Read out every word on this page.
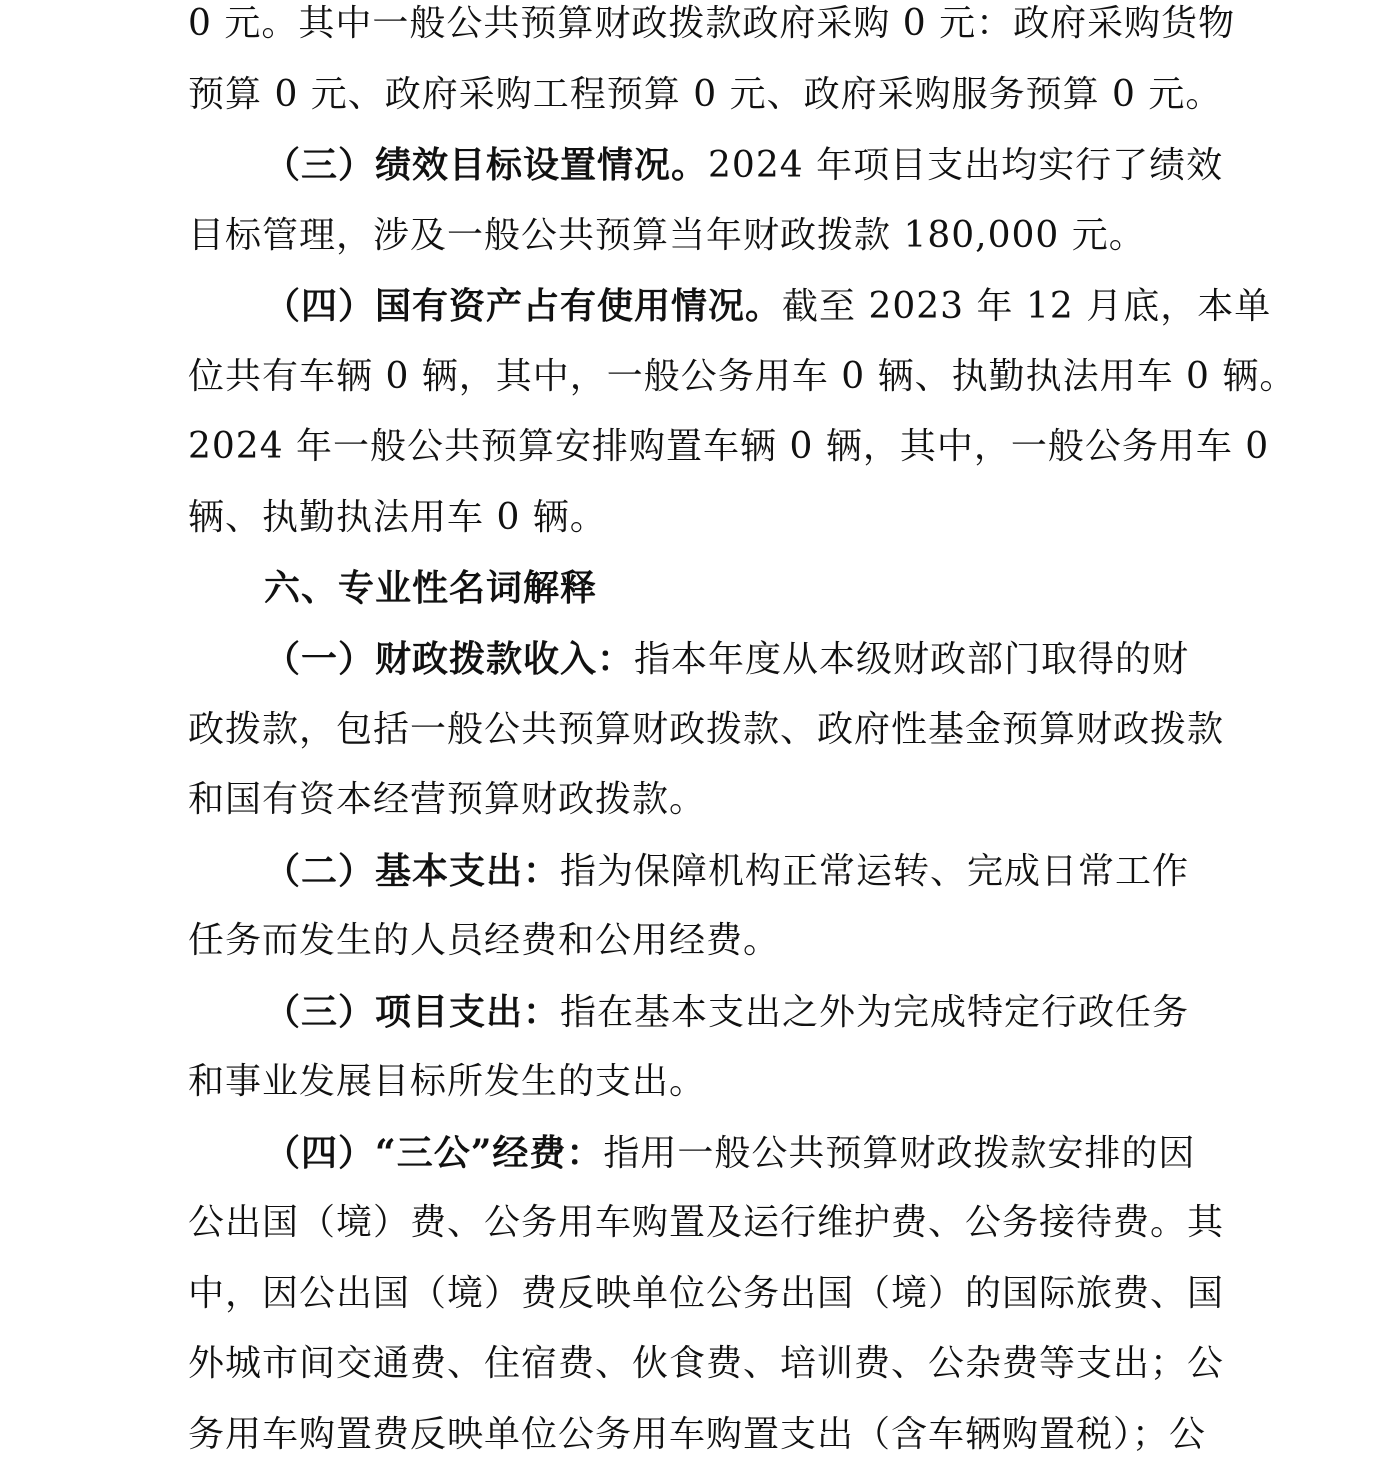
0 元。其中一般公共预算财政拨款政府采购 0 元：政府采购货物
预算 0 元、政府采购工程预算 0 元、政府采购服务预算 0 元。
（三）绩效目标设置情况。2024 年项目支出均实行了绩效
目标管理，涉及一般公共预算当年财政拨款 180,000 元。
（四）国有资产占有使用情况。截至 2023 年 12 月底，本单
位共有车辆 0 辆，其中，一般公务用车 0 辆、执勤执法用车 0 辆。
2024 年一般公共预算安排购置车辆 0 辆，其中，一般公务用车 0
辆、执勤执法用车 0 辆。
六、专业性名词解释
（一）财政拨款收入：指本年度从本级财政部门取得的财
政拨款，包括一般公共预算财政拨款、政府性基金预算财政拨款
和国有资本经营预算财政拨款。
（二）基本支出：指为保障机构正常运转、完成日常工作
任务而发生的人员经费和公用经费。
（三）项目支出：指在基本支出之外为完成特定行政任务
和事业发展目标所发生的支出。
（四）“三公”经费：指用一般公共预算财政拨款安排的因
公出国（境）费、公务用车购置及运行维护费、公务接待费。其
中，因公出国（境）费反映单位公务出国（境）的国际旅费、国
外城市间交通费、住宿费、伙食费、培训费、公杂费等支出；公
务用车购置费反映单位公务用车购置支出（含车辆购置税）；公
